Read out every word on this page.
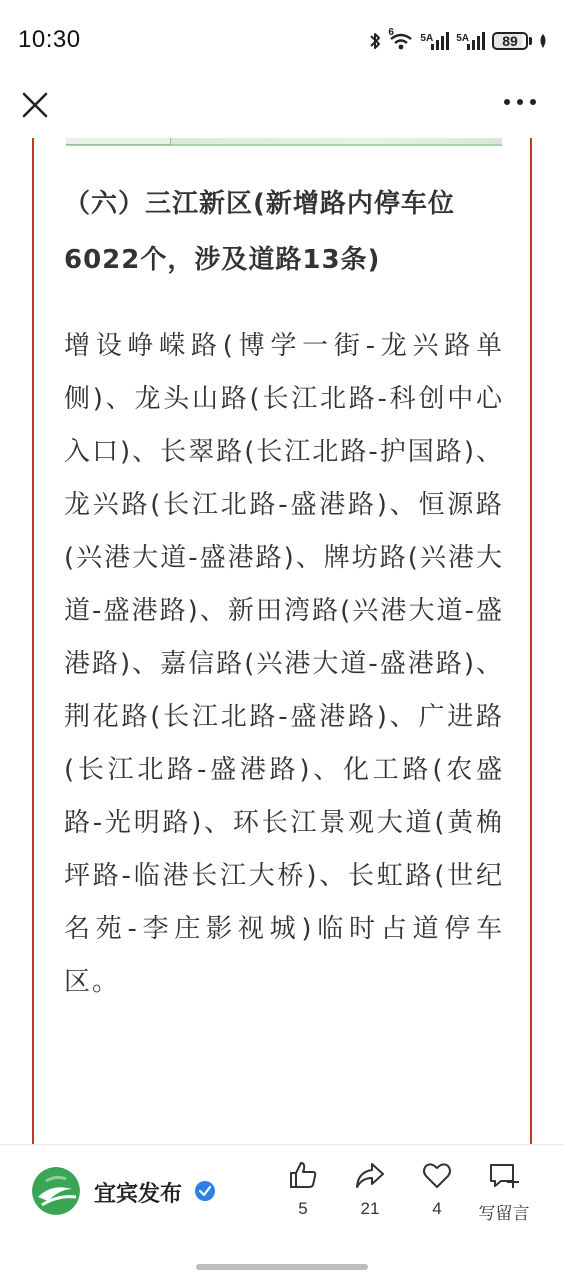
10:30	6
5A 5A	89
（六）三江新区(新增路内停车位6022个，涉及道路13条)

增设峥嵘路(博学一街-龙兴路单侧)、龙头山路(长江北路-科创中心入口)、长翠路(长江北路-护国路)、龙兴路(长江北路-盛港路)、恒源路(兴港大道-盛港路)、牌坊路(兴港大道-盛港路)、新田湾路(兴港大道-盛港路)、嘉信路(兴港大道-盛港路)、荆花路(长江北路-盛港路)、广进路(长江北路-盛港路)、化工路(农盛路-光明路)、环长江景观大道(黄桷坪路-临港长江大桥)、长虹路(世纪名苑-李庄影视城)临时占道停车区。

宜宾发布
5	21	4	写留言
